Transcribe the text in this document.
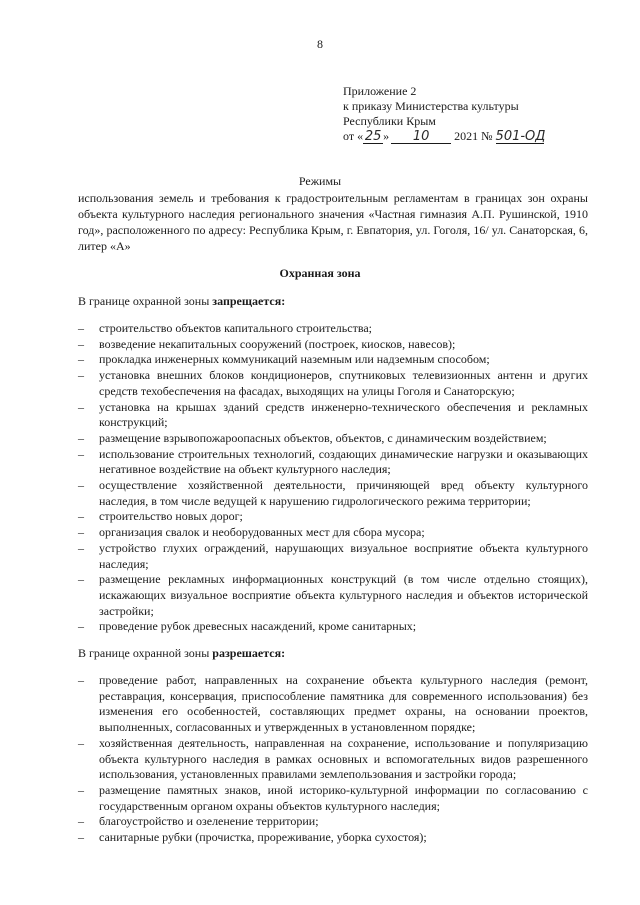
8
Приложение 2
к приказу Министерства культуры
Республики Крым
от « 25 » 10 2021 № 501-ОД
Режимы
использования земель и требования к градостроительным регламентам в границах зон охраны объекта культурного наследия регионального значения «Частная гимназия А.П. Рушинской, 1910 год», расположенного по адресу: Республика Крым, г. Евпатория, ул. Гоголя, 16/ ул. Санаторская, 6, литер «А»
Охранная зона
В границе охранной зоны запрещается:
– строительство объектов капитального строительства;
– возведение некапитальных сооружений (построек, киосков, навесов);
– прокладка инженерных коммуникаций наземным или надземным способом;
– установка внешних блоков кондиционеров, спутниковых телевизионных антенн и других средств техобеспечения на фасадах, выходящих на улицы Гоголя и Санаторскую;
– установка на крышах зданий средств инженерно-технического обеспечения и рекламных конструкций;
– размещение взрывопожароопасных объектов, объектов, с динамическим воздействием;
– использование строительных технологий, создающих динамические нагрузки и оказывающих негативное воздействие на объект культурного наследия;
– осуществление хозяйственной деятельности, причиняющей вред объекту культурного наследия, в том числе ведущей к нарушению гидрологического режима территории;
– строительство новых дорог;
– организация свалок и необорудованных мест для сбора мусора;
– устройство глухих ограждений, нарушающих визуальное восприятие объекта культурного наследия;
– размещение рекламных информационных конструкций (в том числе отдельно стоящих), искажающих визуальное восприятие объекта культурного наследия и объектов исторической застройки;
– проведение рубок древесных насаждений, кроме санитарных;
В границе охранной зоны разрешается:
– проведение работ, направленных на сохранение объекта культурного наследия (ремонт, реставрация, консервация, приспособление памятника для современного использования) без изменения его особенностей, составляющих предмет охраны, на основании проектов, выполненных, согласованных и утвержденных в установленном порядке;
– хозяйственная деятельность, направленная на сохранение, использование и популяризацию объекта культурного наследия в рамках основных и вспомогательных видов разрешенного использования, установленных правилами землепользования и застройки города;
– размещение памятных знаков, иной историко-культурной информации по согласованию с государственным органом охраны объектов культурного наследия;
– благоустройство и озеленение территории;
– санитарные рубки (прочистка, прореживание, уборка сухостоя);
